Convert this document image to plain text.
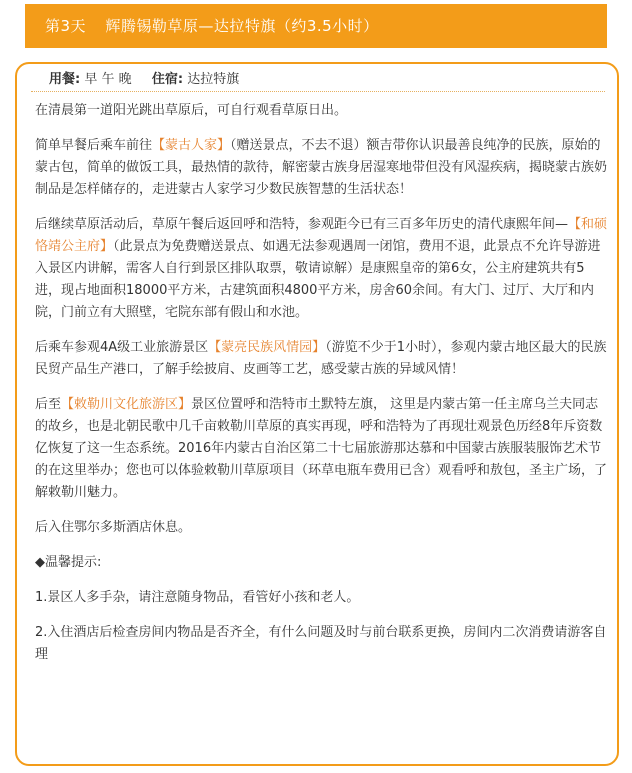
第3天 辉腾锡勒草原—达拉特旗（约3.5小时）
用餐: 早 午 晚 住宿: 达拉特旗

在清晨第一道阳光跳出草原后，可自行观看草原日出。

简单早餐后乘车前往【蒙古人家】（赠送景点，不去不退）额吉带你认识最善良纯净的民族，原始的蒙古包，简单的做饭工具，最热情的款待，解密蒙古族身居湿寒地带但没有风湿疾病，揭晓蒙古族奶制品是怎样储存的，走进蒙古人家学习少数民族智慧的生活状态！

后继续草原活动后，草原午餐后返回呼和浩特，参观距今已有三百多年历史的清代康熙年间—【和硕恪靖公主府】（此景点为免费赠送景点、如遇无法参观遇周一闭馆，费用不退，此景点不允许导游进入景区内讲解，需客人自行到景区排队取票，敬请谅解）是康熙皇帝的第6女，公主府建筑共有5进，现占地面积18000平方米，古建筑面积4800平方米，房舍60余间。有大门、过厅、大厅和内院，门前立有大照壁，宅院东部有假山和水池。

后乘车参观4A级工业旅游景区【蒙亮民族风情园】（游览不少于1小时），参观内蒙古地区最大的民族民贸产品生产港口，了解手绘披肩、皮画等工艺，感受蒙古族的异域风情！

后至【敕勒川文化旅游区】景区位置呼和浩特市土默特左旗， 这里是内蒙古第一任主席乌兰夫同志的故乡，也是北朝民歌中几千亩敕勒川草原的真实再现，呼和浩特为了再现壮观景色历经8年斥资数亿恢复了这一生态系统。2016年内蒙古自治区第二十七届旅游那达慕和中国蒙古族服装服饰艺术节的在这里举办；您也可以体验敕勒川草原项目（环草电瓶车费用已含）观看呼和敖包，圣主广场，了解敕勒川魅力。

后入住鄂尔多斯酒店休息。

◆温馨提示:

1.景区人多手杂，请注意随身物品，看管好小孩和老人。

2.入住酒店后检查房间内物品是否齐全，有什么问题及时与前台联系更换，房间内二次消费请游客自理
